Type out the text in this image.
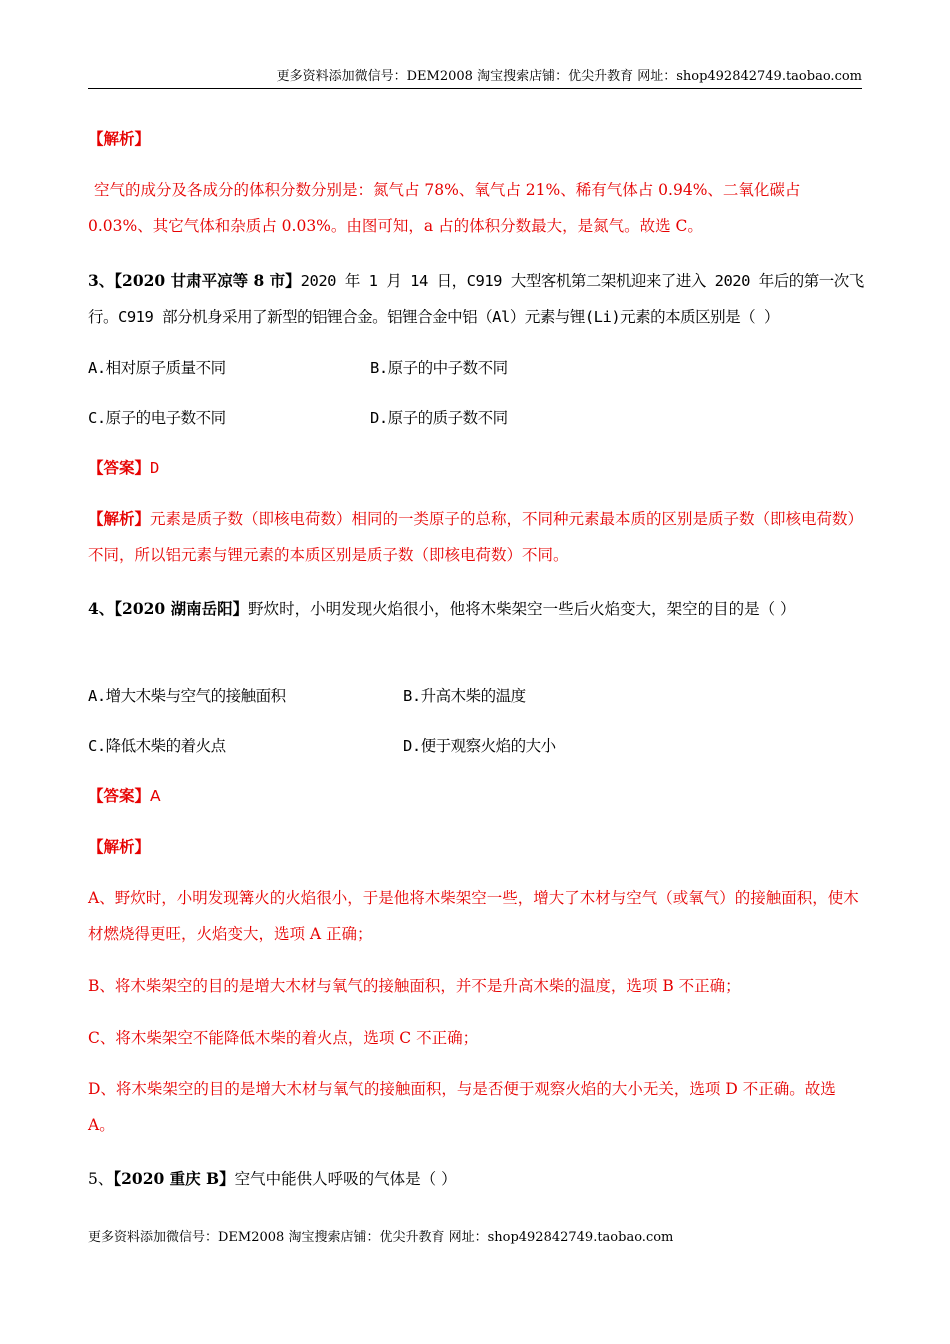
更多资料添加微信号：DEM2008 淘宝搜索店铺：优尖升教育 网址：shop492842749.taobao.com
【解析】
空气的成分及各成分的体积分数分别是：氮气占 78%、氧气占 21%、稀有气体占 0.94%、二氧化碳占 0.03%、其它气体和杂质占 0.03%。由图可知，a 占的体积分数最大，是氮气。故选 C。
3、【2020 甘肃平凉等 8 市】2020 年 1 月 14 日，C919 大型客机第二架机迎来了进入 2020 年后的第一次飞行。C919 部分机身采用了新型的铝锂合金。铝锂合金中铝（Al）元素与锂(Li)元素的本质区别是（ ）
A.相对原子质量不同	B.原子的中子数不同
C.原子的电子数不同	D.原子的质子数不同
【答案】D
【解析】元素是质子数（即核电荷数）相同的一类原子的总称，不同种元素最本质的区别是质子数（即核电荷数）不同，所以铝元素与锂元素的本质区别是质子数（即核电荷数）不同。
4、【2020 湖南岳阳】野炊时，小明发现火焰很小，他将木柴架空一些后火焰变大，架空的目的是（ ）
A.增大木柴与空气的接触面积	B.升高木柴的温度
C.降低木柴的着火点	D.便于观察火焰的大小
【答案】A
【解析】
A、野炊时，小明发现篝火的火焰很小，于是他将木柴架空一些，增大了木材与空气（或氧气）的接触面积，使木材燃烧得更旺，火焰变大，选项 A 正确；
B、将木柴架空的目的是增大木材与氧气的接触面积，并不是升高木柴的温度，选项 B 不正确；
C、将木柴架空不能降低木柴的着火点，选项 C 不正确；
D、将木柴架空的目的是增大木材与氧气的接触面积，与是否便于观察火焰的大小无关，选项 D 不正确。故选 A。
5、【2020 重庆 B】空气中能供人呼吸的气体是（ ）
更多资料添加微信号：DEM2008 淘宝搜索店铺：优尖升教育 网址：shop492842749.taobao.com
